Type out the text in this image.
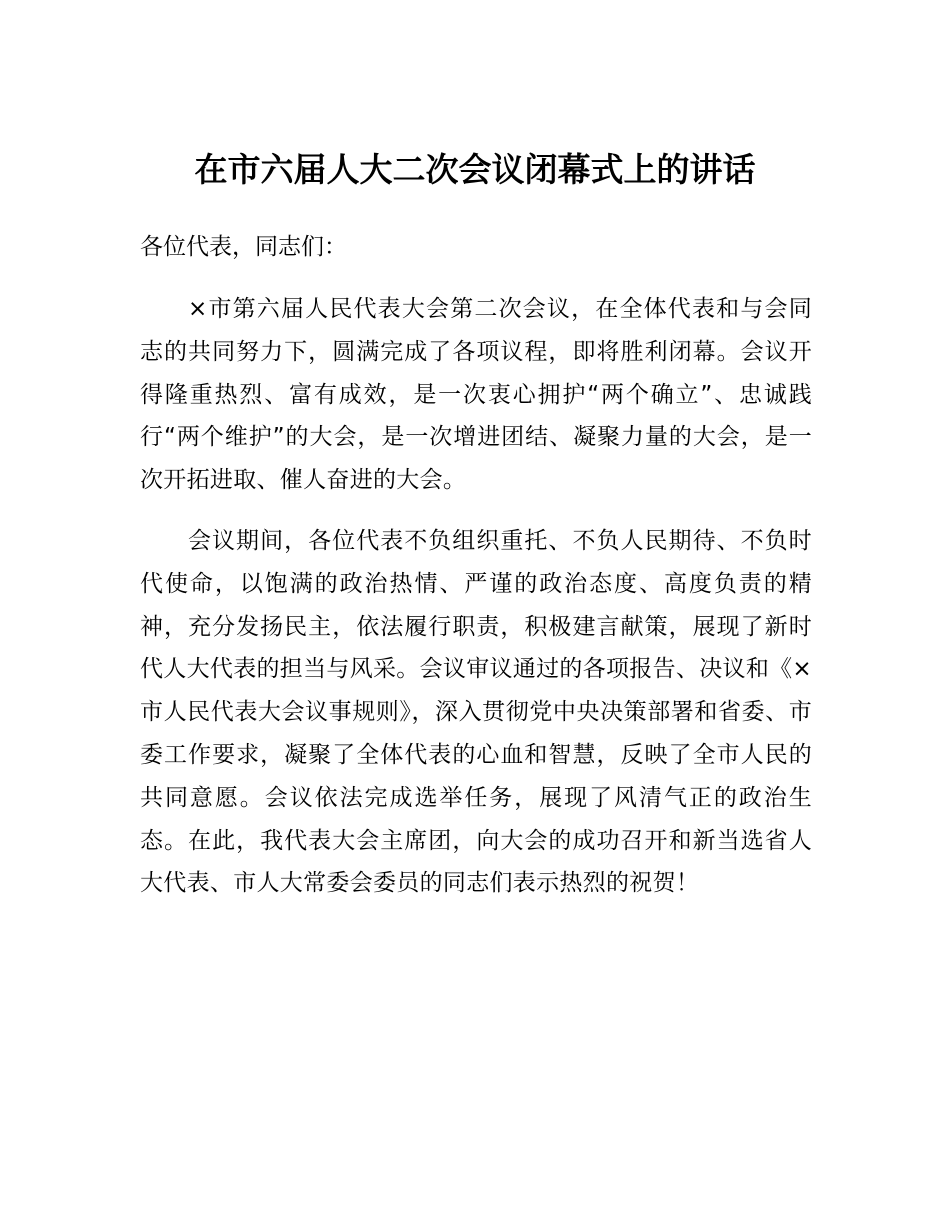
在市六届人大二次会议闭幕式上的讲话

各位代表，同志们：

×市第六届人民代表大会第二次会议，在全体代表和与会同志的共同努力下，圆满完成了各项议程，即将胜利闭幕。会议开得隆重热烈、富有成效，是一次衷心拥护“两个确立”、忠诚践行“两个维护”的大会，是一次增进团结、凝聚力量的大会，是一次开拓进取、催人奋进的大会。

会议期间，各位代表不负组织重托、不负人民期待、不负时代使命，以饱满的政治热情、严谨的政治态度、高度负责的精神，充分发扬民主，依法履行职责，积极建言献策，展现了新时代人大代表的担当与风采。会议审议通过的各项报告、决议和《×市人民代表大会议事规则》，深入贯彻党中央决策部署和省委、市委工作要求，凝聚了全体代表的心血和智慧，反映了全市人民的共同意愿。会议依法完成选举任务，展现了风清气正的政治生态。在此，我代表大会主席团，向大会的成功召开和新当选省人大代表、市人大常委会委员的同志们表示热烈的祝贺！
